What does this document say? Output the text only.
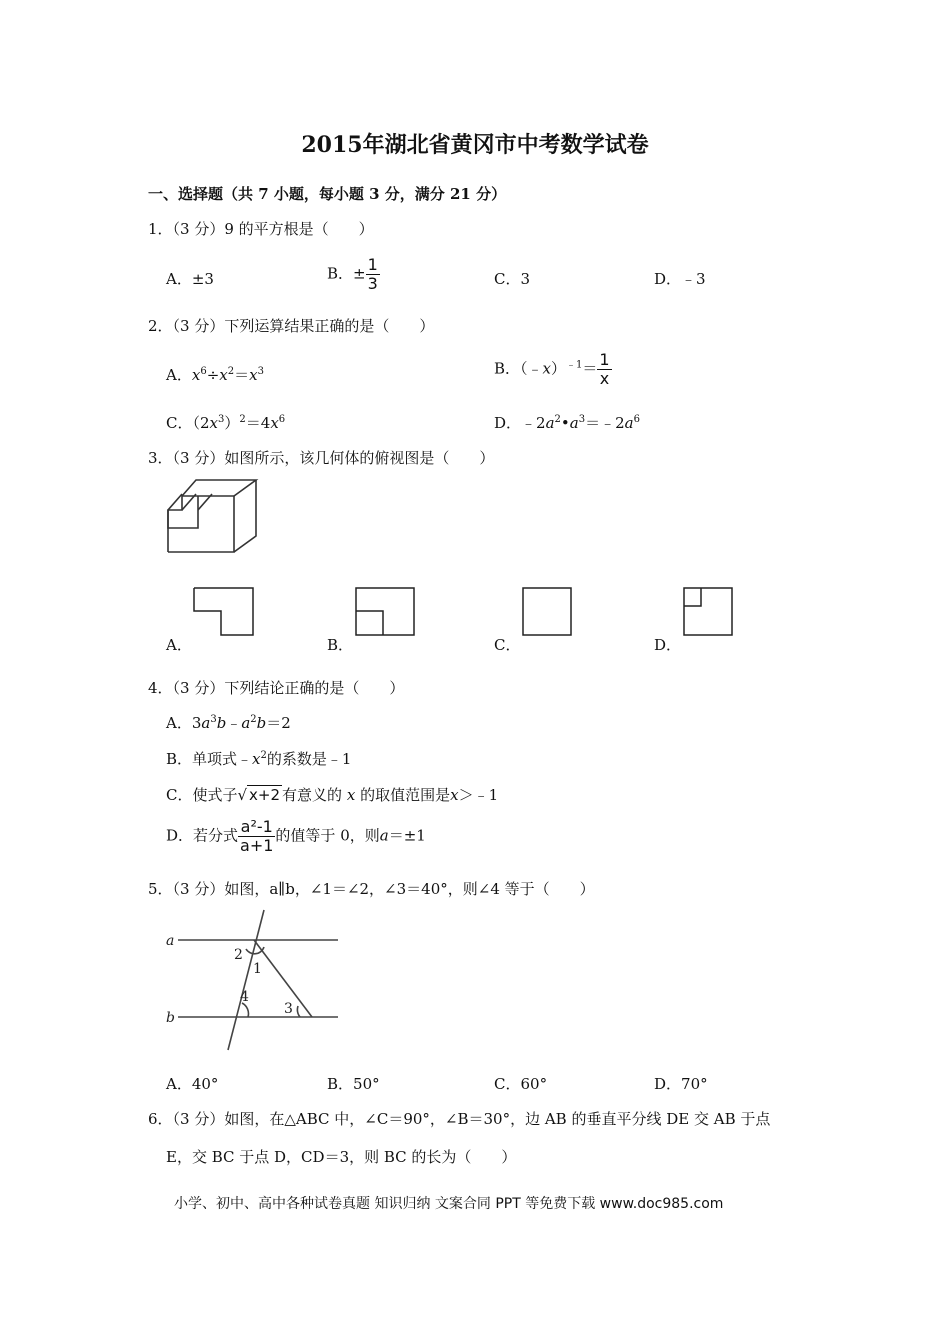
2015年湖北省黄冈市中考数学试卷
一、选择题（共 7 小题，每小题 3 分，满分 21 分）
1．（3 分）9 的平方根是（　　）
A．±3	B．± $\frac{1}{3}$	C．3	D．﹣3
2．（3 分）下列运算结果正确的是（　　）
A．$x^6\div x^2=x^3$	B．（﹣x）$^{﹣1}$＝ $\frac{1}{x}$
C．$(2x^3)^2=4x^6$	D．$﹣2a^2•a^3=﹣2a^6$
3．（3 分）如图所示，该几何体的俯视图是（　　）
A．	B．	C．	D．
4．（3 分）下列结论正确的是（　　）
A．$3a^3b﹣a^2b=2$
B．单项式$﹣x^2$的系数是﹣1
C．使式子√ x+2 有意义的 x 的取值范围是x＞﹣1
D．若分式 $\frac{\text{a²-1}}{a+1}$ 的值等于 0，则a＝±1
5．（3 分）如图，a∥b，∠1＝∠2，∠3＝40°，则∠4 等于（　　）
a
b
1
2
3
4
A．40°	B．50°	C．60°	D．70°
6．（3 分）如图，在△ABC 中，∠C＝90°，∠B＝30°，边 AB 的垂直平分线 DE 交 AB 于点
E，交 BC 于点 D，CD＝3，则 BC 的长为（　　）
小学、初中、高中各种试卷真题 知识归纳 文案合同 PPT 等免费下载 www.doc985.com
